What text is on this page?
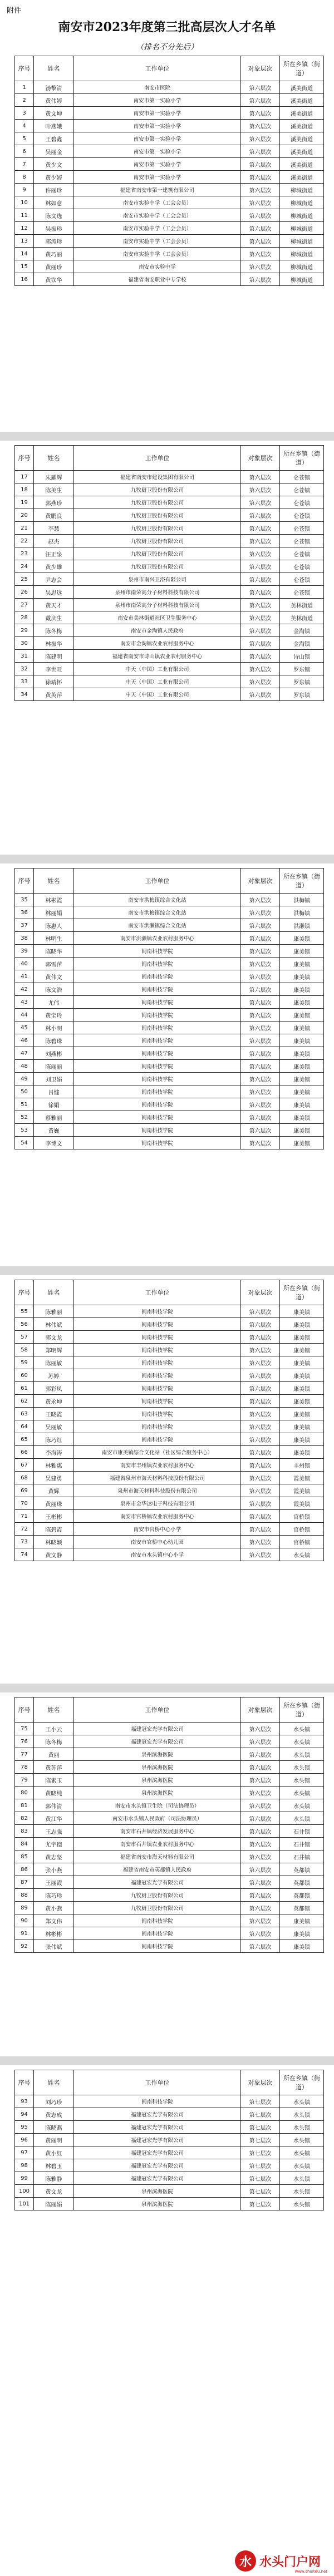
附件
南安市2023年度第三批高层次人才名单
（排名不分先后）
序号	姓名	工作单位	对象层次	所在乡镇（街道）
1	汤黎清	南安市医院	第六层次	溪美街道
2	黄伟婷	南安市第一实验小学	第六层次	溪美街道
3	黄文坤	南安市第一实验小学	第六层次	溪美街道
4	叶燕娥	南安市第一实验小学	第六层次	溪美街道
5	王碧鑫	南安市第一实验小学	第六层次	溪美街道
6	吴丽金	南安市第一实验小学	第六层次	溪美街道
7	黄少文	南安市第一实验小学	第六层次	溪美街道
8	黄少婷	南安市第一实验小学	第六层次	溪美街道
9	许丽珍	福建省南安市第一建筑有限公司	第六层次	柳城街道
10	林如意	南安市实验中学（工会会员）	第六层次	柳城街道
11	陈文选	南安市实验中学（工会会员）	第六层次	柳城街道
12	吴振珍	南安市实验中学（工会会员）	第六层次	柳城街道
13	郭涛珍	南安市实验中学（工会会员）	第六层次	柳城街道
14	黄巧丽	南安市实验中学（工会会员）	第六层次	柳城街道
15	黄丽珍	南安市实验中学	第六层次	柳城街道
16	黄钦华	福建省南安职业中专学校	第六层次	柳城街道
序号	姓名	工作单位	对象层次	所在乡镇（街道）
17	朱耀辉	福建省南安市建设集团有限公司	第六层次	仑苍镇
18	陈美生	九牧厨卫股份有限公司	第六层次	仑苍镇
19	郭燕珍	九牧厨卫股份有限公司	第六层次	仑苍镇
20	黄鹏良	九牧厨卫股份有限公司	第六层次	仑苍镇
21	李慧	九牧厨卫股份有限公司	第六层次	仑苍镇
22	赵杰	九牧厨卫股份有限公司	第六层次	仑苍镇
23	汪正泉	九牧厨卫股份有限公司	第六层次	仑苍镇
24	黄少雄	九牧厨卫股份有限公司	第六层次	仑苍镇
25	尹志会	泉州市南兴卫浴有限公司	第六层次	仑苍镇
26	吴思远	泉州市南荣高分子材料科技有限公司	第六层次	仑苍镇
27	黄天才	泉州市南荣高分子材料科技有限公司	第六层次	美林街道
28	戴庆生	南安市美林街道社区卫生服务中心	第六层次	美林街道
29	陈冬梅	南安市金淘镇人民政府	第六层次	金淘镇
30	林振华	南安市金淘镇农业农村服务中心	第六层次	金淘镇
31	陈建明	福建省南安市诗山镇农业农村服务中心	第六层次	诗山镇
32	李世旺	中天（中国）工业有限公司	第六层次	罗东镇
33	徐靖怀	中天（中国）工业有限公司	第六层次	罗东镇
34	黄英萍	中天（中国）工业有限公司	第六层次	罗东镇
序号	姓名	工作单位	对象层次	所在乡镇（街道）
35	林彬霞	南安市洪梅镇综合文化站	第六层次	洪梅镇
36	林丽娟	南安市洪梅镇综合文化站	第六层次	洪梅镇
37	陈惠人	南安市洪濑镇综合文化站	第六层次	洪濑镇
38	林明生	南安市洪濑镇农业农村服务中心	第六层次	康美镇
39	陈晓华	闽南科技学院	第六层次	康美镇
40	郭雪萍	闽南科技学院	第六层次	康美镇
41	黄伟文	闽南科技学院	第六层次	康美镇
42	陈文浩	闽南科技学院	第六层次	康美镇
43	尤伟	闽南科技学院	第六层次	康美镇
44	黄宝玲	闽南科技学院	第六层次	康美镇
45	林小明	闽南科技学院	第六层次	康美镇
46	陈碧珠	闽南科技学院	第六层次	康美镇
47	刘燕彬	闽南科技学院	第六层次	康美镇
48	陈丽丽	闽南科技学院	第六层次	康美镇
49	刘卫娟	闽南科技学院	第六层次	康美镇
50	吕健	闽南科技学院	第六层次	康美镇
51	徐娟	闽南科技学院	第六层次	康美镇
52	蔡雅丽	闽南科技学院	第六层次	康美镇
53	黄巍	闽南科技学院	第六层次	康美镇
54	李博文	闽南科技学院	第六层次	康美镇
序号	姓名	工作单位	对象层次	所在乡镇（街道）
55	陈雅丽	闽南科技学院	第六层次	康美镇
56	林伟斌	闽南科技学院	第六层次	康美镇
57	郭文龙	闽南科技学院	第六层次	康美镇
58	郑明辉	闽南科技学院	第六层次	康美镇
59	陈丽敏	闽南科技学院	第六层次	康美镇
60	苏婷	闽南科技学院	第六层次	康美镇
61	郭彩凤	闽南科技学院	第六层次	康美镇
62	黄永坤	闽南科技学院	第六层次	康美镇
63	王晓霞	闽南科技学院	第六层次	康美镇
64	吴丽敏	闽南科技学院	第六层次	康美镇
65	陈巧红	闽南科技学院	第六层次	康美镇
66	李海涛	南安市康美镇综合文化站（社区综合服务中心）	第六层次	康美镇
67	林雅惠	南安市丰州镇农业农村服务中心	第六层次	丰州镇
68	吴建勇	福建省泉州市海天材料科技股份有限公司	第六层次	霞美镇
69	黄辉	泉州市海天材料科技股份有限公司	第六层次	霞美镇
70	黄丽珠	泉州市金华达电子科技有限公司	第六层次	霞美镇
71	王彬彬	南安市官桥镇农业农村服务中心	第六层次	官桥镇
72	陈碧霞	南安市官桥中心小学	第六层次	官桥镇
73	林晓颖	南安市官桥中心幼儿园	第六层次	官桥镇
74	黄文静	南安市水头镇中心小学	第六层次	水头镇
序号	姓名	工作单位	对象层次	所在乡镇（街道）
75	王小云	福建冠宏光学有限公司	第六层次	水头镇
76	陈冬梅	福建冠宏光学有限公司	第六层次	水头镇
77	黄丽	泉州滨海医院	第六层次	水头镇
78	黄苏萍	泉州滨海医院	第六层次	水头镇
79	陈素玉	泉州滨海医院	第六层次	水头镇
80	黄晓纯	泉州滨海医院	第六层次	水头镇
81	郭伟清	南安市水头镇卫生院（司法协理员）	第六层次	水头镇
82	黄江华	南安市水头镇人民政府（司法协理员）	第六层次	水头镇
83	王志强	南安市石井镇经济发展服务中心	第六层次	石井镇
84	尤宇德	南安市石井镇农业农村服务中心	第六层次	石井镇
85	黄志坚	福建省南安市海天材料有限公司	第六层次	石井镇
86	张小燕	福建省南安市英都镇人民政府	第六层次	英都镇
87	王丽霞	福建冠宏光学有限公司	第六层次	英都镇
88	陈巧珍	九牧厨卫股份有限公司	第六层次	英都镇
89	黄小燕	九牧厨卫股份有限公司	第六层次	英都镇
90	郑文伟	闽南科技学院	第六层次	康美镇
91	林彬彬	闽南科技学院	第六层次	康美镇
92	张伟斌	闽南科技学院	第六层次	康美镇
序号	姓名	工作单位	对象层次	所在乡镇（街道）
93	刘巧珍	闽南科技学院	第七层次	水头镇
94	黄志成	福建冠宏光学有限公司	第七层次	水头镇
95	陈晓燕	福建冠宏光学有限公司	第七层次	水头镇
96	黄丽明	福建冠宏光学有限公司	第七层次	水头镇
97	黄小红	福建冠宏光学有限公司	第七层次	水头镇
98	林碧玉	福建冠宏光学有限公司	第七层次	水头镇
99	陈雅静	福建冠宏光学有限公司	第七层次	水头镇
100	黄文龙	泉州滨海医院	第七层次	水头镇
101	陈丽娟	泉州滨海医院	第七层次	水头镇
水 水头门户网
www.shuitou.net
